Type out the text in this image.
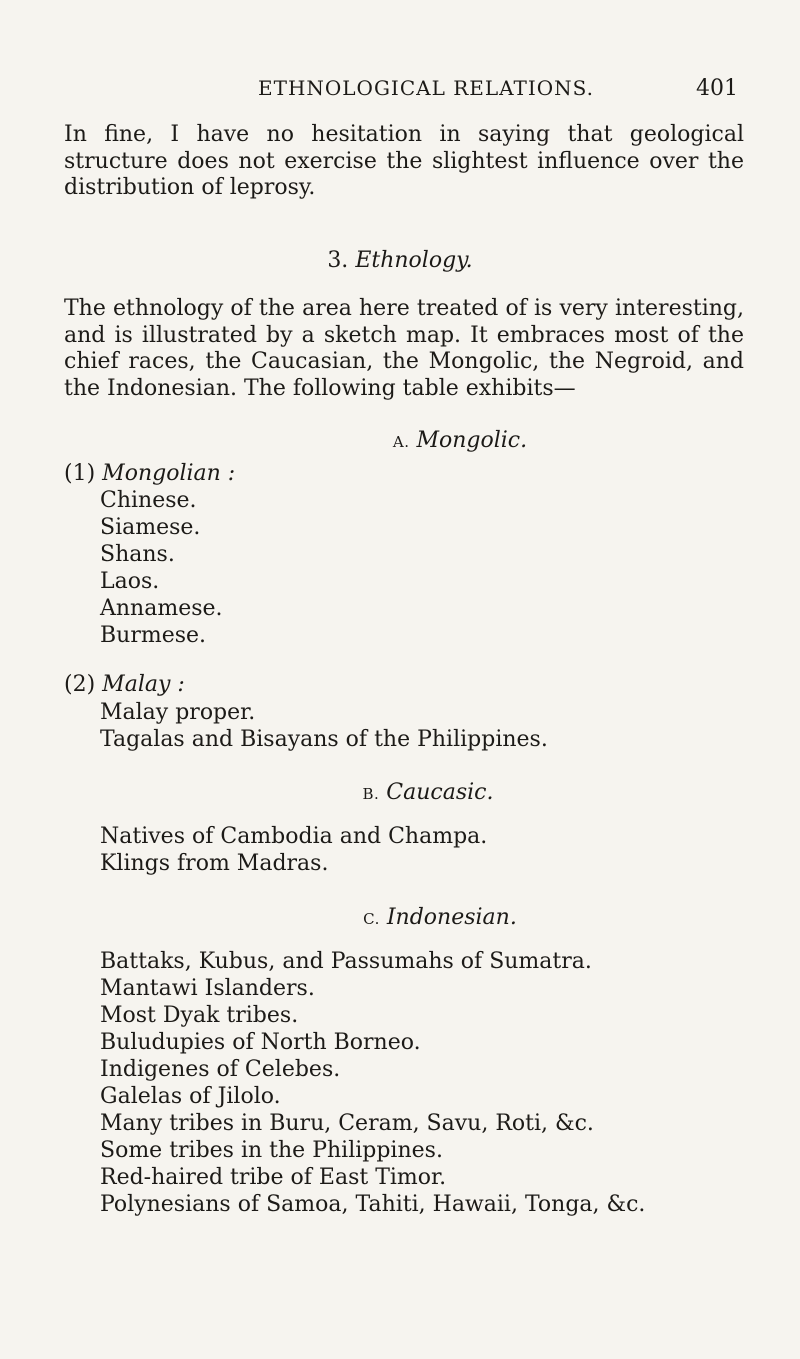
ETHNOLOGICAL RELATIONS.	401

In fine, I have no hesitation in saying that geological structure does not exercise the slightest influence over the distribution of leprosy.

3. Ethnology.

The ethnology of the area here treated of is very interesting, and is illustrated by a sketch map. It embraces most of the chief races, the Caucasian, the Mongolic, the Negroid, and the Indonesian. The following table exhibits—

A. Mongolic.
(1) Mongolian :
Chinese.
Siamese.
Shans.
Laos.
Annamese.
Burmese.
(2) Malay :
Malay proper.
Tagalas and Bisayans of the Philippines.
B. Caucasic.
Natives of Cambodia and Champa.
Klings from Madras.
C. Indonesian.
Battaks, Kubus, and Passumahs of Sumatra.
Mantawi Islanders.
Most Dyak tribes.
Buludupies of North Borneo.
Indigenes of Celebes.
Galelas of Jilolo.
Many tribes in Buru, Ceram, Savu, Roti, &c.
Some tribes in the Philippines.
Red-haired tribe of East Timor.
Polynesians of Samoa, Tahiti, Hawaii, Tonga, &c.
